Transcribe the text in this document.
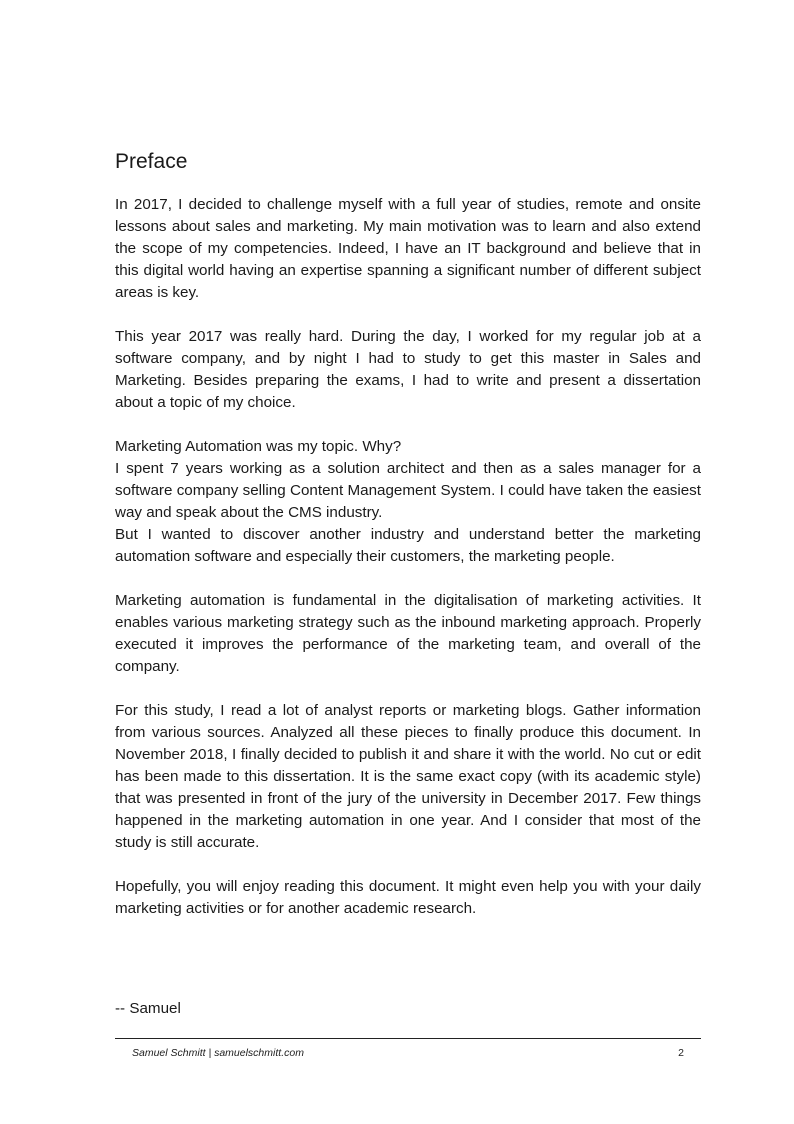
Preface
In 2017, I decided to challenge myself with a full year of studies, remote and onsite lessons about sales and marketing. My main motivation was to learn and also extend the scope of my competencies. Indeed, I have an IT background and believe that in this digital world having an expertise spanning a significant number of different subject areas is key.
This year 2017 was really hard. During the day, I worked for my regular job at a software company, and by night I had to study to get this master in Sales and Marketing. Besides preparing the exams, I had to write and present a dissertation about a topic of my choice.
Marketing Automation was my topic. Why?
I spent 7 years working as a solution architect and then as a sales manager for a software company selling Content Management System. I could have taken the easiest way and speak about the CMS industry.
But I wanted to discover another industry and understand better the marketing automation software and especially their customers, the marketing people.
Marketing automation is fundamental in the digitalisation of marketing activities. It enables various marketing strategy such as the inbound marketing approach. Properly executed it improves the performance of the marketing team, and overall of the company.
For this study, I read a lot of analyst reports or marketing blogs. Gather information from various sources. Analyzed all these pieces to finally produce this document. In November 2018, I finally decided to publish it and share it with the world. No cut or edit has been made to this dissertation. It is the same exact copy (with its academic style) that was presented in front of the jury of the university in December 2017. Few things happened in the marketing automation in one year. And I consider that most of the study is still accurate.
Hopefully, you will enjoy reading this document. It might even help you with your daily marketing activities or for another academic research.
-- Samuel
Samuel Schmitt | samuelschmitt.com	2
